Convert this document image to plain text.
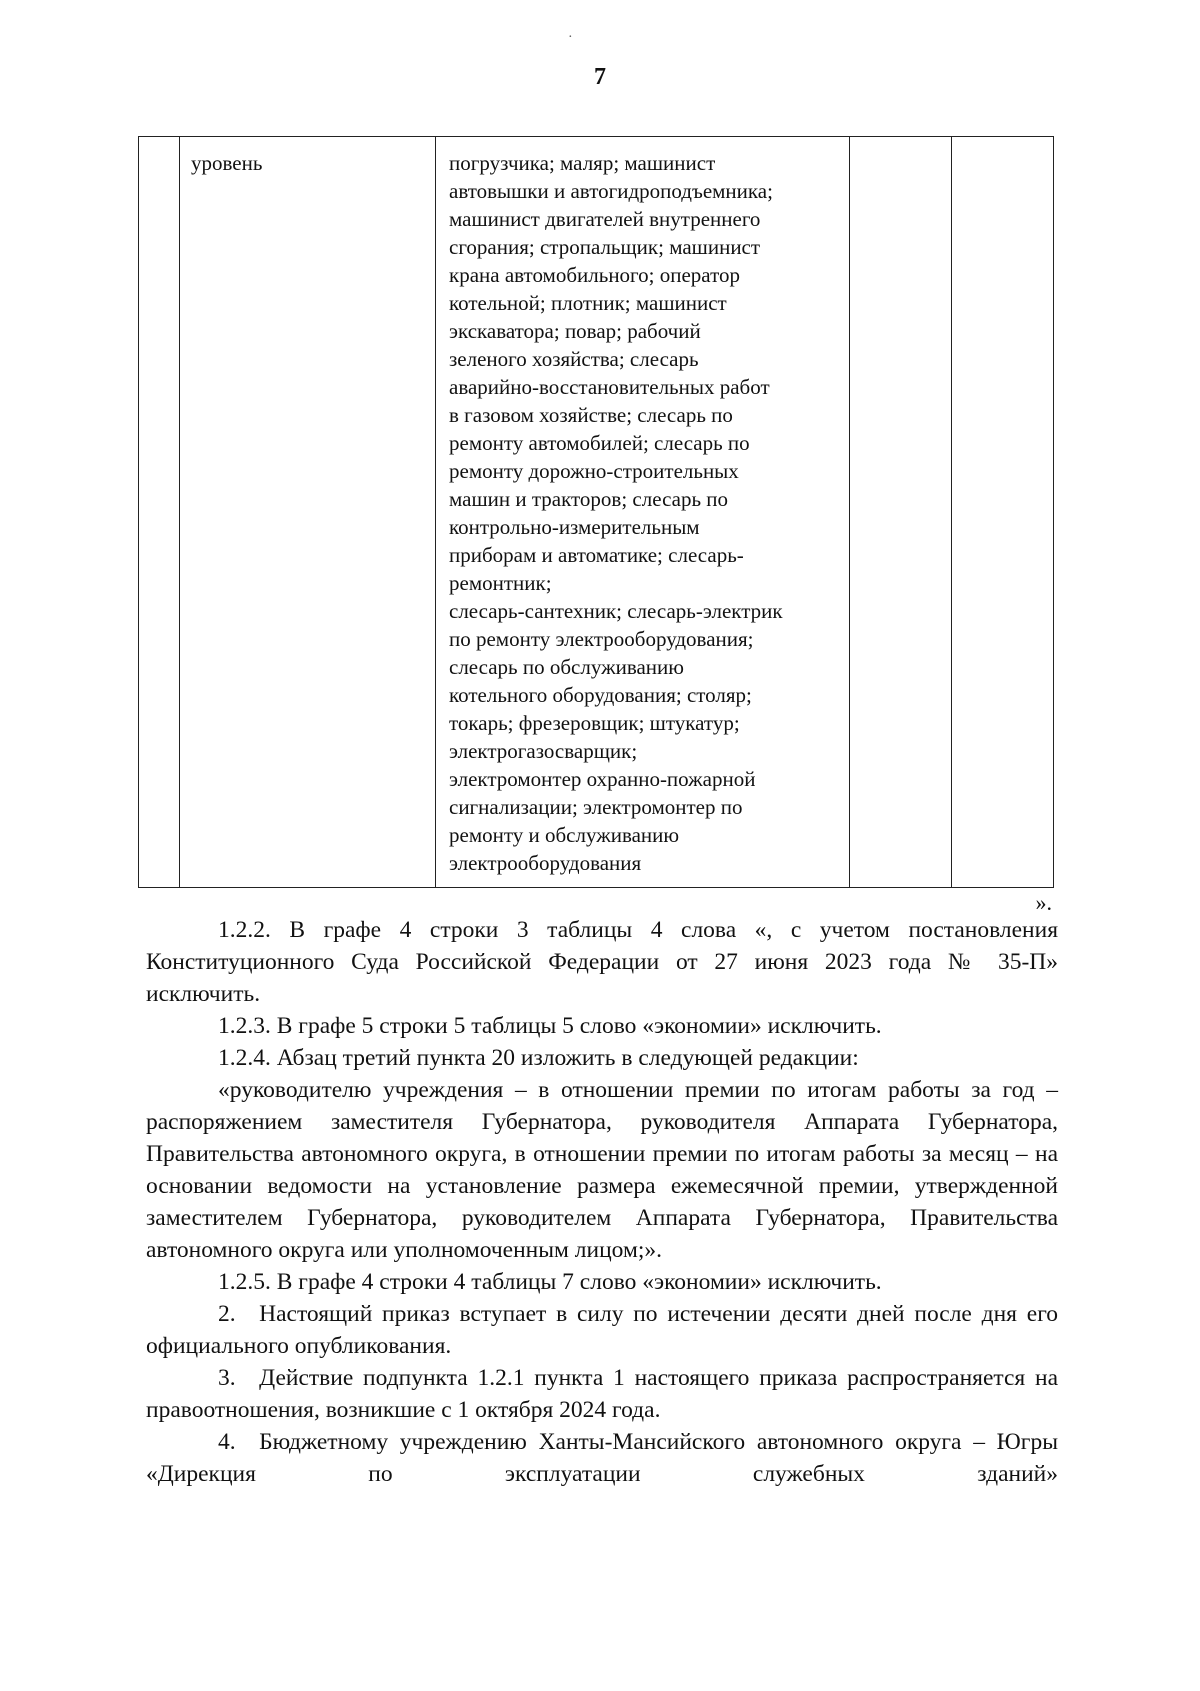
·
7
уровень	погрузчика; маляр; машинист
автовышки и автогидроподъемника;
машинист двигателей внутреннего
сгорания; стропальщик; машинист
крана автомобильного; оператор
котельной; плотник; машинист
экскаватора; повар; рабочий
зеленого хозяйства; слесарь
аварийно-восстановительных работ
в газовом хозяйстве; слесарь по
ремонту автомобилей; слесарь по
ремонту дорожно-строительных
машин и тракторов; слесарь по
контрольно-измерительным
приборам и автоматике; слесарь-
ремонтник;
слесарь-сантехник; слесарь-электрик
по ремонту электрооборудования;
слесарь по обслуживанию
котельного оборудования; столяр;
токарь; фрезеровщик; штукатур;
электрогазосварщик;
электромонтер охранно-пожарной
сигнализации; электромонтер по
ремонту и обслуживанию
электрооборудования
».

1.2.2. В графе 4 строки 3 таблицы 4 слова «, с учетом постановления Конституционного Суда Российской Федерации от 27 июня 2023 года № 35-П» исключить.

1.2.3. В графе 5 строки 5 таблицы 5 слово «экономии» исключить.

1.2.4. Абзац третий пункта 20 изложить в следующей редакции:

«руководителю учреждения – в отношении премии по итогам работы за год – распоряжением заместителя Губернатора, руководителя Аппарата Губернатора, Правительства автономного округа, в отношении премии по итогам работы за месяц – на основании ведомости на установление размера ежемесячной премии, утвержденной заместителем Губернатора, руководителем Аппарата Губернатора, Правительства автономного округа или уполномоченным лицом;».

1.2.5. В графе 4 строки 4 таблицы 7 слово «экономии» исключить.

2. Настоящий приказ вступает в силу по истечении десяти дней после дня его официального опубликования.

3. Действие подпункта 1.2.1 пункта 1 настоящего приказа распространяется на правоотношения, возникшие с 1 октября 2024 года.

4. Бюджетному учреждению Ханты-Мансийского автономного округа – Югры «Дирекция по эксплуатации служебных зданий»
